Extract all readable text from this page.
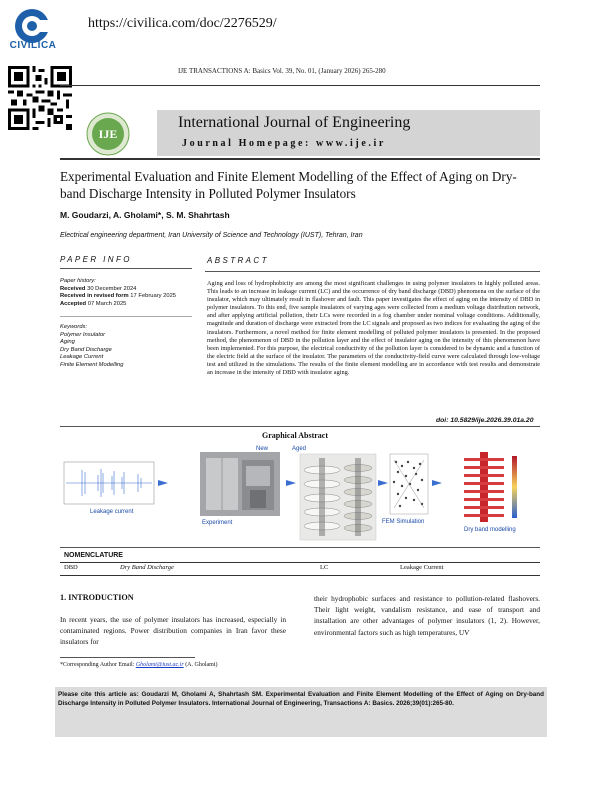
CIVILICA
https://civilica.com/doc/2276529/
IJE TRANSACTIONS A: Basics Vol. 39, No. 01, (January 2026) 265-280
IJE
International Journal of Engineering
Journal Homepage: www.ije.ir
Experimental Evaluation and Finite Element Modelling of the Effect of Aging on Dry-band Discharge Intensity in Polluted Polymer Insulators
M. Goudarzi, A. Gholami*, S. M. Shahrtash
Electrical engineering department, Iran University of Science and Technology (IUST), Tehran, Iran
PAPER INFO	ABSTRACT
Paper history:
Received 30 December 2024
Received in revised form 17 February 2025
Accepted 07 March 2025
Keywords:
Polymer Insulator
Aging
Dry Band Discharge
Leakage Current
Finite Element Modelling
Aging and loss of hydrophobicity are among the most significant challenges in using polymer insulators in highly polluted areas. This leads to an increase in leakage current (LC) and the occurrence of dry band discharge (DBD) phenomena on the surface of the insulator, which may ultimately result in flashover and fault. This paper investigates the effect of aging on the intensity of DBD in polymer insulators. To this end, five sample insulators of varying ages were collected from a medium voltage distribution network, and after applying artificial pollution, their LCs were recorded in a fog chamber under nominal voltage conditions. Additionally, magnitude and duration of discharge were extracted from the LC signals and proposed as two indices for evaluating the aging of the insulators. Furthermore, a novel method for finite element modelling of polluted polymer insulators is presented. In the proposed method, the phenomenon of DBD in the pollution layer and the effect of insulator aging on the intensity of this phenomenon have been implemented. For this purpose, the electrical conductivity of the pollution layer is considered to be dynamic and a function of the electric field at the surface of the insulator. The parameters of the conductivity-field curve were calculated through low-voltage test and utilized in the simulations. The results of the finite element modelling are in accordance with test results and demonstrate an increase in the intensity of DBD with insulator aging.
doi: 10.5829/ije.2026.39.01a.20
Graphical Abstract
Leakage current
Experiment
New	Aged
FEM Simulation
Dry band modelling
NOMENCLATURE
DBD	Dry Band Discharge	LC	Leakage Current
1. INTRODUCTION
In recent years, the use of polymer insulators has increased, especially in contaminated regions. Power distribution companies in Iran favor these insulators for
their hydrophobic surfaces and resistance to pollution-related flashovers. Their light weight, vandalism resistance, and ease of transport and installation are other advantages of polymer insulators (1, 2). However, environmental factors such as high temperatures, UV
*Corresponding Author Email: Gholami@iust.ac.ir (A. Gholami)
Please cite this article as: Goudarzi M, Gholami A, Shahrtash SM. Experimental Evaluation and Finite Element Modelling of the Effect of Aging on Dry-band Discharge Intensity in Polluted Polymer Insulators. International Journal of Engineering, Transactions A: Basics. 2026;39(01):265-80.
